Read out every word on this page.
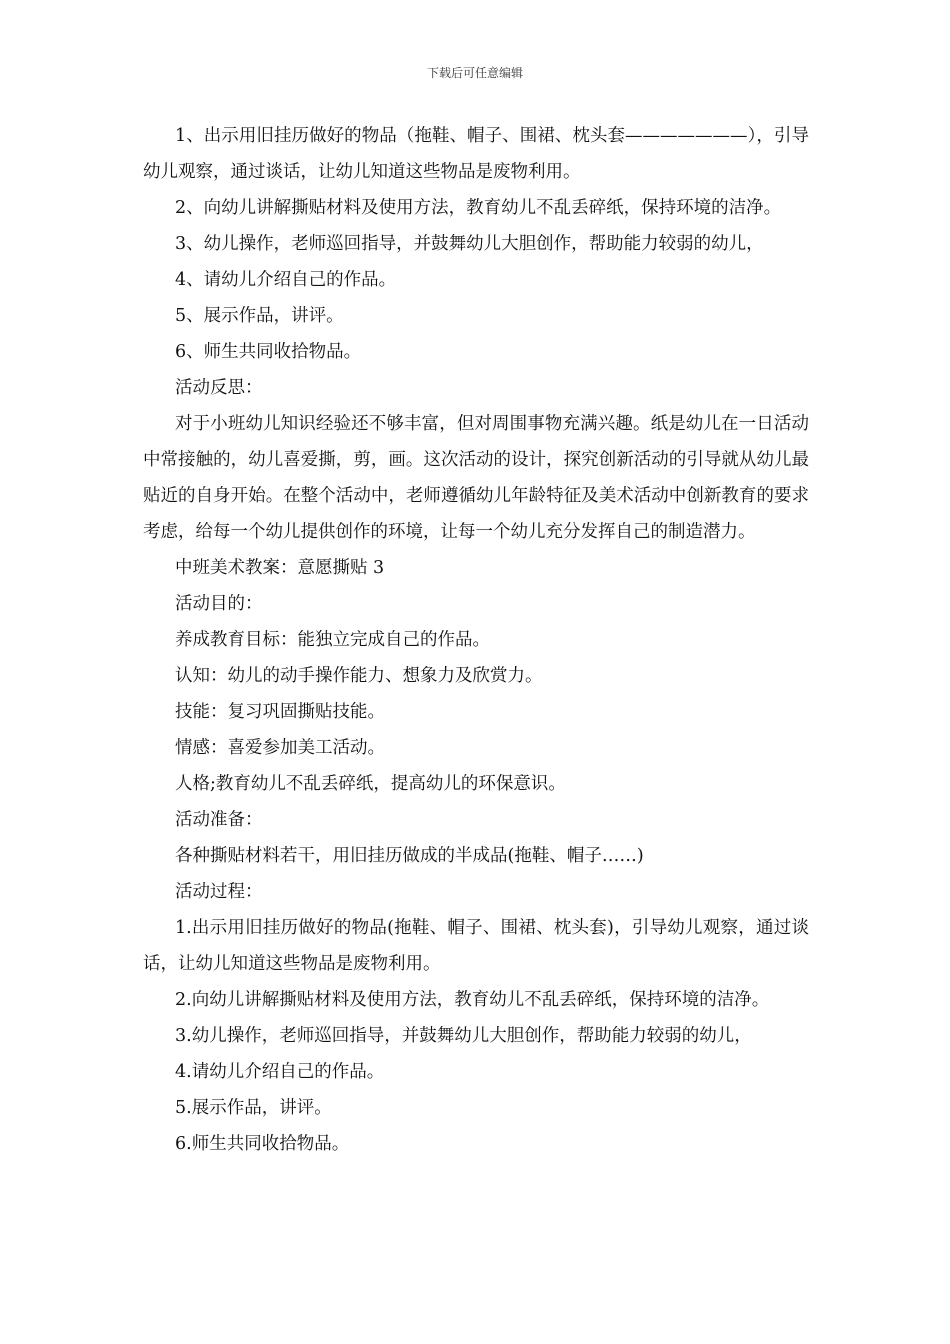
下载后可任意编辑

1、出示用旧挂历做好的物品（拖鞋、帽子、围裙、枕头套———————），引导幼儿观察，通过谈话，让幼儿知道这些物品是废物利用。

2、向幼儿讲解撕贴材料及使用方法，教育幼儿不乱丢碎纸，保持环境的洁净。

3、幼儿操作，老师巡回指导，并鼓舞幼儿大胆创作，帮助能力较弱的幼儿，

4、请幼儿介绍自己的作品。

5、展示作品，讲评。

6、师生共同收拾物品。

活动反思：

对于小班幼儿知识经验还不够丰富，但对周围事物充满兴趣。纸是幼儿在一日活动中常接触的，幼儿喜爱撕，剪，画。这次活动的设计，探究创新活动的引导就从幼儿最贴近的自身开始。在整个活动中，老师遵循幼儿年龄特征及美术活动中创新教育的要求考虑，给每一个幼儿提供创作的环境，让每一个幼儿充分发挥自己的制造潜力。

中班美术教案：意愿撕贴 3

活动目的：

养成教育目标：能独立完成自己的作品。

认知：幼儿的动手操作能力、想象力及欣赏力。

技能：复习巩固撕贴技能。

情感：喜爱参加美工活动。

人格;教育幼儿不乱丢碎纸，提高幼儿的环保意识。

活动准备：

各种撕贴材料若干，用旧挂历做成的半成品(拖鞋、帽子……)

活动过程：

1.出示用旧挂历做好的物品(拖鞋、帽子、围裙、枕头套)，引导幼儿观察，通过谈话，让幼儿知道这些物品是废物利用。

2.向幼儿讲解撕贴材料及使用方法，教育幼儿不乱丢碎纸，保持环境的洁净。

3.幼儿操作，老师巡回指导，并鼓舞幼儿大胆创作，帮助能力较弱的幼儿，

4.请幼儿介绍自己的作品。

5.展示作品，讲评。

6.师生共同收拾物品。
